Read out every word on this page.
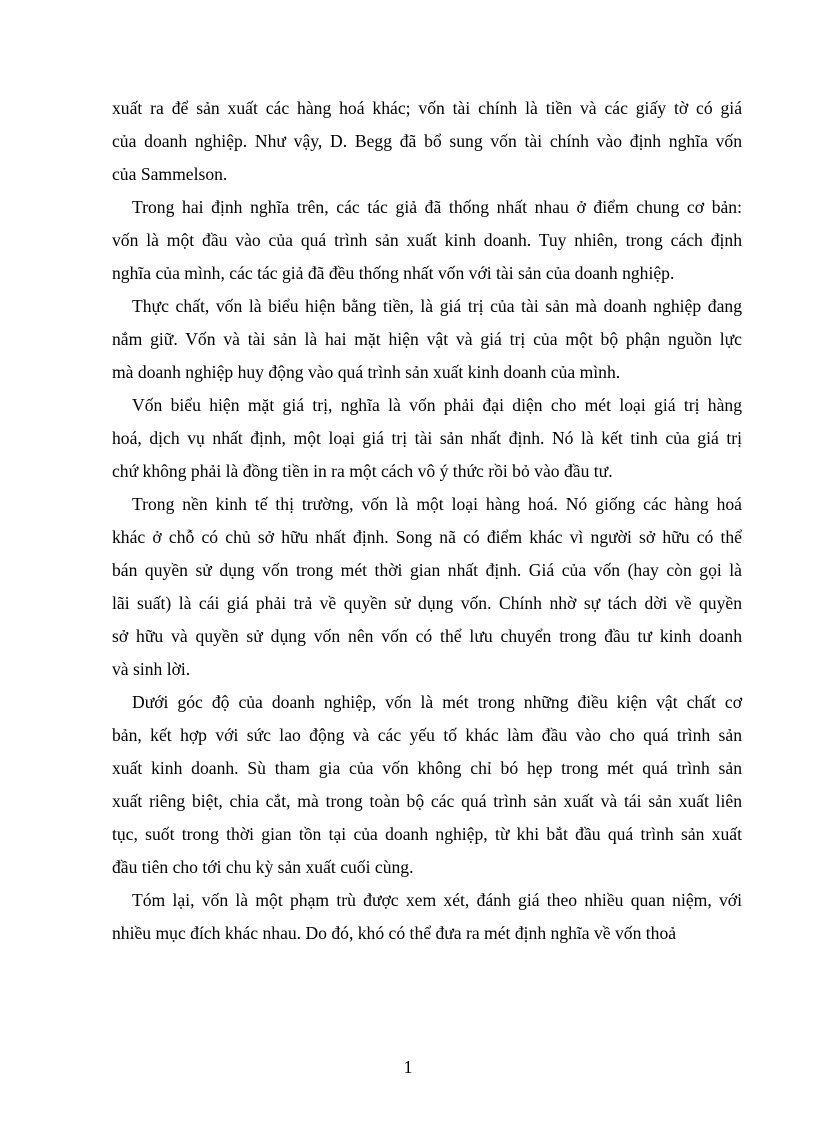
xuất ra để sản xuất các hàng hoá khác; vốn tài chính là tiền và các giấy tờ có giá
của doanh nghiệp. Như vậy, D. Begg đã bổ sung vốn tài chính vào định nghĩa vốn
của Sammelson.
Trong hai định nghĩa trên, các tác giả đã thống nhất nhau ở điểm chung cơ bản:
vốn là một đầu vào của quá trình sản xuất kinh doanh. Tuy nhiên, trong cách định
nghĩa của mình, các tác giả đã đều thống nhất vốn với tài sản của doanh nghiệp.
Thực chất, vốn là biểu hiện bằng tiền, là giá trị của tài sản mà doanh nghiệp đang
nắm giữ. Vốn và tài sản là hai mặt hiện vật và giá trị của một bộ phận nguồn lực
mà doanh nghiệp huy động vào quá trình sản xuất kinh doanh của mình.
Vốn biểu hiện mặt giá trị, nghĩa là vốn phải đại diện cho mét loại giá trị hàng
hoá, dịch vụ nhất định, một loại giá trị tài sản nhất định. Nó là kết tinh của giá trị
chứ không phải là đồng tiền in ra một cách vô ý thức rồi bỏ vào đầu tư.
Trong nền kinh tế thị trường, vốn là một loại hàng hoá. Nó giống các hàng hoá
khác ở chỗ có chủ sở hữu nhất định. Song nã có điểm khác vì người sở hữu có thể
bán quyền sử dụng vốn trong mét thời gian nhất định. Giá của vốn (hay còn gọi là
lãi suất) là cái giá phải trả về quyền sử dụng vốn. Chính nhờ sự tách dời về quyền
sở hữu và quyền sử dụng vốn nên vốn có thể lưu chuyển trong đầu tư kinh doanh
và sinh lời.
Dưới góc độ của doanh nghiệp, vốn là mét trong những điều kiện vật chất cơ
bản, kết hợp với sức lao động và các yếu tố khác làm đầu vào cho quá trình sản
xuất kinh doanh. Sù tham gia của vốn không chỉ bó hẹp trong mét quá trình sản
xuất riêng biệt, chia cắt, mà trong toàn bộ các quá trình sản xuất và tái sản xuất liên
tục, suốt trong thời gian tồn tại của doanh nghiệp, từ khi bắt đầu quá trình sản xuất
đầu tiên cho tới chu kỳ sản xuất cuối cùng.
Tóm lại, vốn là một phạm trù được xem xét, đánh giá theo nhiều quan niệm, với
nhiều mục đích khác nhau. Do đó, khó có thể đưa ra mét định nghĩa về vốn thoả
1
